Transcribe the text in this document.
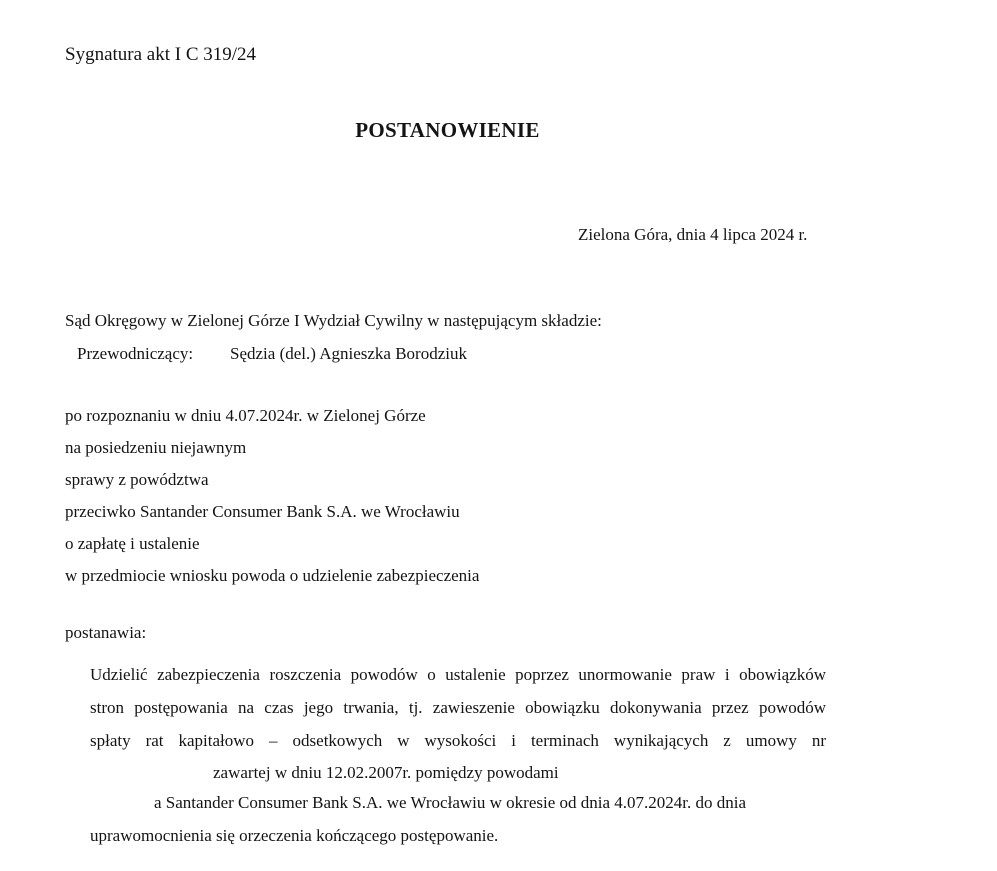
Sygnatura akt I C 319/24
POSTANOWIENIE
Zielona Góra, dnia 4 lipca 2024 r.
Sąd Okręgowy w Zielonej Górze I Wydział Cywilny w następującym składzie:
Przewodniczący: Sędzia (del.) Agnieszka Borodziuk
po rozpoznaniu w dniu 4.07.2024r. w Zielonej Górze
na posiedzeniu niejawnym
sprawy z powództwa
przeciwko Santander Consumer Bank S.A. we Wrocławiu
o zapłatę i ustalenie
w przedmiocie wniosku powoda o udzielenie zabezpieczenia
postanawia:
Udzielić zabezpieczenia roszczenia powodów o ustalenie poprzez unormowanie praw i obowiązków
stron postępowania na czas jego trwania, tj. zawieszenie obowiązku dokonywania przez powodów
spłaty rat kapitałowo – odsetkowych w wysokości i terminach wynikających z umowy nr
zawartej w dniu 12.02.2007r. pomiędzy powodami
a Santander Consumer Bank S.A. we Wrocławiu w okresie od dnia 4.07.2024r. do dnia
uprawomocnienia się orzeczenia kończącego postępowanie.
